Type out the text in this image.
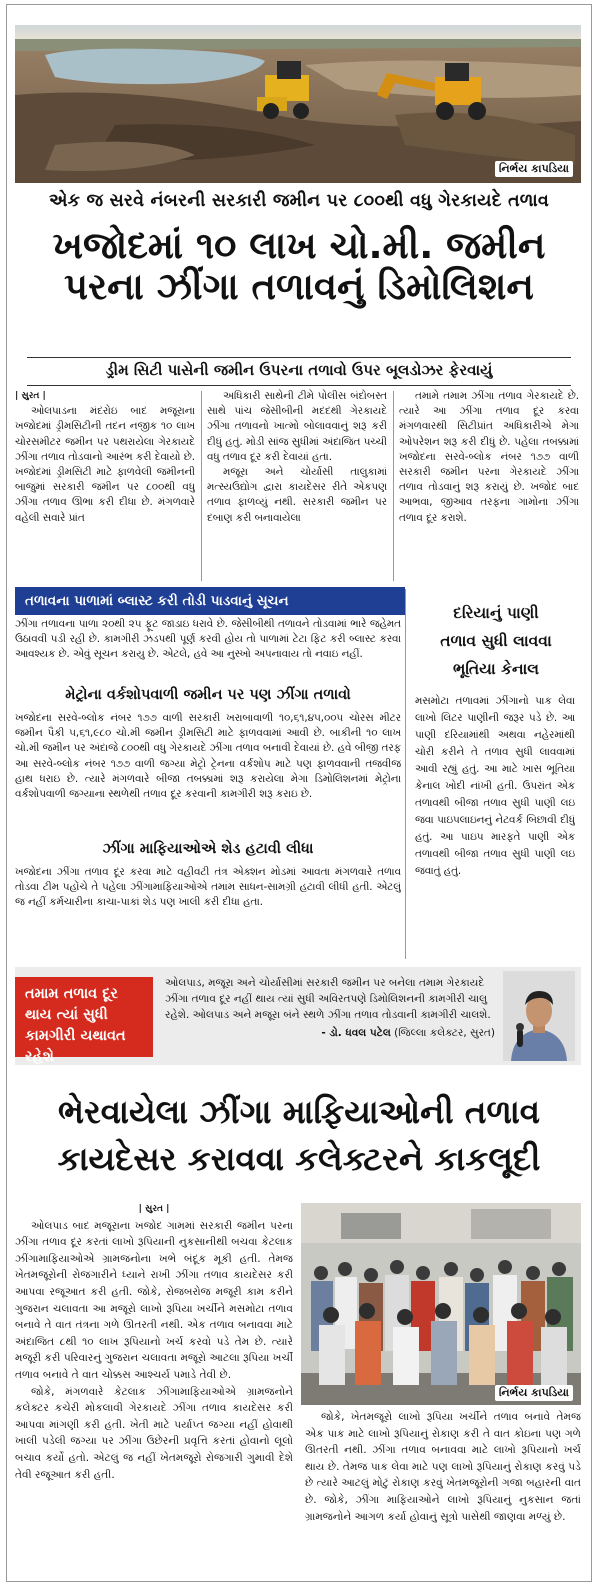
નિર્ભય કાપડિયા
એક જ સરવે નંબરની સરકારી જમીન પર ૮૦૦થી વધુ ગેરકાયદે તળાવ
ખજોદમાં ૧૦ લાખ ચો.મી. જમીન
પરના ઝીંગા તળાવનું ડિમોલિશન
ડ્રીમ સિટી પાસેની જમીન ઉપરના તળાવો ઉપર બૂલડોઝર ફેરવાયું
| સુરત |

ઓલપાડના મંદરોઇ બાદ મજૂરાના ખજોદમાં ડ્રીમસિટીની તદન નજીક ૧૦ લાખ ચોરસમીટર જમીન પર પથરાયેલા ગેરકાયદે ઝીંગા તળાવ તોડવાનો આરંભ કરી દેવાયો છે. ખજોદમાં ડ્રીમસિટી માટે ફાળવેલી જમીનની બાજુમાં સરકારી જમીન પર ૮૦૦થી વધુ ઝીંગા તળાવ ઊભા કરી દીધા છે. મંગળવારે વહેલી સવારે પ્રાંત

અધિકારી સાથેની ટીમે પોલીસ બંદોબસ્ત સાથે પાંચ જેસીબીની મદદથી ગેરકાયદે ઝીંગા તળાવનો ખાત્મો બોલાવવાનું શરૂ કરી દીધું હતું. મોડી સાંજ સુધીમાં અંદાજિત પચ્ચી વધુ તળાવ દૂર કરી દેવાયાં હતા.

મજૂરા અને ચોર્યાસી તાલુકામાં મત્સ્યઉદ્યોગ દ્વારા કાયદેસર રીતે એકપણ તળાવ ફાળવ્યું નથી. સરકારી જમીન પર દબાણ કરી બનાવાયેલા

તમામે તમામ ઝીંગા તળાવ ગેરકાયદે છે. ત્યારે આ ઝીંગા તળાવ દૂર કરવા મંગળવારથી સિટીપ્રાંત અધિકારીએ મેગા ઓપરેશન શરૂ કરી દીધું છે. પહેલા તબક્કામાં ખજોદના સરવે-બ્લોક નંબર ૧૭૭ વાળી સરકારી જમીન પરના ગેરકાયદે ઝીંગા તળાવ તોડવાનું શરૂ કરાયું છે. ખજોદ બાદ આભવા, જીઆવ તરફના ગામોના ઝીંગા તળાવ દૂર કરાશે.

તળાવના પાળામાં બ્લાસ્ટ કરી તોડી પાડવાનું સૂચન

ઝીંગા તળાવના પાળા ૨૦થી ૨૫ ફૂટ જાડાઇ ધરાવે છે. જેસીબીથી તળાવને તોડવામાં ભારે જહેમત ઉઠાવવી પડી રહી છે. કામગીરી ઝડપથી પૂર્ણ કરવી હોય તો પાળામાં ટેટા ફિટ કરી બ્લાસ્ટ કરવા આવશ્યક છે. એવું સૂચન કરાયુ છે. એટલે, હવે આ નુસ્ખો અપનાવાય તો નવાઇ નહીં.

મેટ્રોના વર્કશોપવાળી જમીન પર પણ ઝીંગા તળાવો

ખજોદના સરવે-બ્લોક નંબર ૧૭૭ વાળી સરકારી ખરાબાવાળી ૧૦,૬૧,૪૫,૦૦૫ ચોરસ મીટર જમીન પૈકી ૫,૬૧,૯૮૦ ચો.મી જમીન ડ્રીમસિટી માટે ફાળવવામાં આવી છે. બાકીની ૧૦ લાખ ચો.મી જમીન પર અંદાજે ૮૦૦થી વધુ ગેરકાયદે ઝીંગા તળાવ બનાવી દેવાયાં છે. હવે બીજી તરફ આ સરવે-બ્લોક નંબર ૧૭૭ વાળી જગ્યા મેટ્રો ટ્રેનના વર્કશોપ માટે પણ ફાળવવાની તજવીજ હાથ ધરાઇ છે. ત્યારે મંગળવારે બીજા તબક્કામાં શરૂ કરાયેલા મેગા ડિમોલિશનમાં મેટ્રોના વર્કશોપવાળી જગ્યાના સ્થળેથી તળાવ દૂર કરવાની કામગીરી શરૂ કરાઇ છે.

ઝીંગા માફિયાઓએ શેડ હટાવી લીધા

ખજોદના ઝીંગા તળાવ દૂર કરવા માટે વહીવટી તંત્ર એક્શન મોડમાં આવતા મંગળવારે તળાવ તોડવા ટીમ પહોંચે તે પહેલા ઝીંગામાફિયાઓએ તમામ સાધન-સામગ્રી હટાવી લીધી હતી. એટલું જ નહીં કર્મચારીના કાચા-પાકાં શેડ પણ ખાલી કરી દીધા હતા.

દરિયાનું પાણી
તળાવ સુધી લાવવા
ભૂતિયા કેનાલ

મસમોટા તળાવમાં ઝીંગાનો પાક લેવા લાખો લિટર પાણીની જરૂર પડે છે. આ પાણી દરિયામાંથી અથવા નહેરમાંથી ચોરી કરીને તે તળાવ સુધી લાવવામાં આવી રહ્યું હતું. આ માટે ખાસ ભૂતિયા કેનાલ ખોદી નાંખી હતી. ઉપરાંત એક તળાવથી બીજા તળાવ સુધી પાણી લઇ જવા પાઇપલાઇનનું નેટવર્ક બિછાવી દીધું હતું. આ પાઇપ મારફતે પાણી એક તળાવથી બીજા તળાવ સુધી પાણી લઇ જવાતું હતું.

તમામ તળાવ દૂર થાય ત્યાં સુધી કામગીરી યથાવત રહેશે
ઓલપાડ, મજૂરા અને ચોર્યાસીમાં સરકારી જમીન પર બનેલા તમામ ગેરકાયદે ઝીંગા તળાવ દૂર નહીં થાય ત્યાં સુધી અવિરતપણે ડિમોલિશનની કામગીરી ચાલુ રહેશે. ઓલપાડ અને મજૂરા બંને સ્થળે ઝીંગા તળાવ તોડવાની કામગીરી ચાલશે.
- ડો. ધવલ પટેલ (જિલ્લા કલેક્ટર, સુરત)
ભેરવાયેલા ઝીંગા માફિયાઓની તળાવ
કાયદેસર કરાવવા કલેક્ટરને કાકલૂદી
| સુરત |

ઓલપાડ બાદ મજૂરાના ખજોદ ગામમાં સરકારી જમીન પરના ઝીંગા તળાવ દૂર કરતાં લાખો રૂપિયાની નુકસાનીથી બચવા કેટલાક ઝીંગામાફિયાઓએ ગ્રામજનોના ખભે બંદૂક મૂકી હતી. તેમજ ખેતમજૂરોની રોજગારીને ધ્યાને રાખી ઝીંગા તળાવ કાયદેસર કરી આપવા રજૂઆત કરી હતી. જોકે, રોજબરોજ મજૂરી કામ કરીને ગુજરાન ચલાવતા આ મજૂરો લાખો રૂપિયા ખર્ચીને મસમોટા તળાવ બનાવે તે વાત તંત્રના ગળે ઊતરતી નથી. એક તળાવ બનાવવા માટે અંદાજિત ૮થી ૧૦ લાખ રૂપિયાનો ખર્ચ કરવો પડે તેમ છે. ત્યારે મજૂરી કરી પરિવારનું ગુજરાન ચલાવતા મજૂરો આટલા રૂપિયા ખર્ચી તળાવ બનાવે તે વાત ચોક્કસ આશ્ચર્ય પમાડે તેવી છે.

જોકે, મંગળવારે કેટલાક ઝીંગામાફિયાઓએ ગ્રામજનોને કલેક્ટર કચેરી મોકલાવી ગેરકાયદે ઝીંગા તળાવ કાયદેસર કરી આપવા માંગણી કરી હતી. ખેતી માટે પર્યાપ્ત જગ્યા નહીં હોવાથી ખાલી પડેલી જગ્યા પર ઝીંગા ઉછેરની પ્રવૃત્તિ કરતાં હોવાનો લૂલો બચાવ કર્યો હતો. એટલું જ નહીં ખેતમજૂરો રોજગારી ગુમાવી દેશે તેવી રજૂઆત કરી હતી.

નિર્ભય કાપડિયા

જોકે, ખેતમજૂરો લાખો રૂપિયા ખર્ચીને તળાવ બનાવે તેમજ એક પાક માટે લાખો રૂપિયાનું રોકાણ કરી તે વાત કોઇના પણ ગળે ઊતરતી નથી. ઝીંગા તળાવ બનાવવા માટે લાખો રૂપિયાનો ખર્ચ થાય છે. તેમજ પાક લેવા માટે પણ લાખો રૂપિયાનું રોકાણ કરવું પડે છે ત્યારે આટલું મોટું રોકાણ કરવું ખેતમજૂરોની ગજા બહારની વાત છે. જોકે, ઝીંગા માફિયાઓને લાખો રૂપિયાનું નુકસાન જતાં ગ્રામજનોને આગળ કર્યા હોવાનું સૂત્રો પાસેથી જાણવા મળ્યું છે.
